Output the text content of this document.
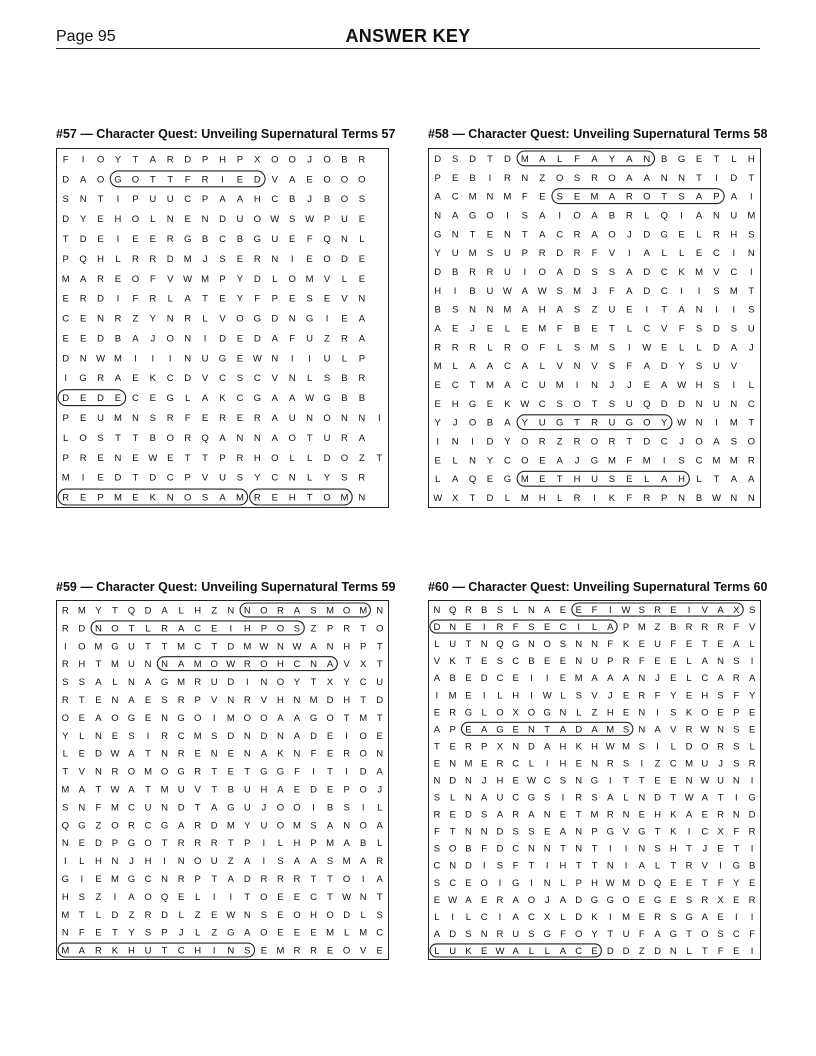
Page 95	ANSWER KEY
#57 — Character Quest: Unveiling Supernatural Terms 57
F I O Y T A R D P H P X O O J O B R
D A O G O T T F R I E D V A E O O O
S N T I P U U C P A A H C B J B O S
D Y E H O L N E N D U O W S W P U E
T D E I E E R G B C B G U E F Q N L
P Q H L R R D M J S E R N I E O D E
M A R E O F V W M P Y D L O M V L E
E R D I F R L A T E Y F P E S E V N
C E N R Z Y N R L V O G D N G I E A
E E D B A J O N I D E D A F U Z R A
D N W M I I I N U G E W N I I U L P
I G R A E K C D V C S C V N L S B R
D E D E C E G L A K C G A A W G B B
P E U M N S R F E R E R A U N O N N I
L O S T T B O R Q A N N A O T U R A
P R E N E W E T T P R H O L L D O Z T
M I E D T D C P V U S Y C N L Y S R
R E P M E K N O S A M R E H T O M N
#58 — Character Quest: Unveiling Supernatural Terms 58
D S D T D M A L F A Y A N B G E T L H
P E B I R N Z O S R O A A N N T I D T
A C M N M F E S E M A R O T S A P A I
N A G O I S A I O A B R L Q I A N U M
G N T E N T A C R A O J D G E L R H S
Y U M S U P R D R F V I A L L E C I N
D B R R U I O A D S S A D C K M V C I
H I B U W A W S M J F A D C I I S M T
B S N N M A H A S Z U E I T A N I I S
A E J E L E M F B E T L C V F S D S U
R R R L R O F L S M S I W E L L D A J
M L A A C A L V N V S F A D Y S U V
E C T M A C U M I N J J E A W H S I L
E H G E K W C S O T S U Q D D N U N C
Y J O B A Y U G T R U G O Y W N I M T
I N I D Y O R Z R O R T D C J O A S O
E L N Y C O E A J G M F M I S C M M R
L A Q E G M E T H U S E L A H L T A A
W X T D L M H L R I K F R P N B W N N
#59 — Character Quest: Unveiling Supernatural Terms 59
R M Y T Q D A L H Z N N O R A S M O M N
R D N O T L R A C E I H P O S Z P R T O
I O M G U T T M C T D M W N W A N H P T
R H T M U N N A M O W R O H C N A V X T
S S A L N A G M R U D I N O Y T X Y C U
R T E N A E S R P V N R V H N M D H T D
O E A O G E N G O I M O O A A G O T M T
Y L N E S I R C M S D N D N A D E I O E
L E D W A T N R E N E N A K N F E R O N
T V N R O M O G R T E T G G F I T I D A
M A T W A T M U V T B U H A E D E P O J
S N F M C U N D T A G U J O O I B S I L
Q G Z O R C G A R D M Y U O M S A N O A
N E D P G O T R R R T P I L H P M A B L
I L H N J H I N O U Z A I S A A S M A R
G I E M G C N R P T A D R R R T T O I A
H S Z I A O Q E L I I T O E E C T W N T
M T L D Z R D L Z E W N S E O H O D L S
N F E T Y S P J L Z G A O E E E M L M C
M A R K H U T C H I N S E M R R E O V E
#60 — Character Quest: Unveiling Supernatural Terms 60
N Q R B S L N A E E F I W S R E I V A X S
D N E I R F S E C I L A P M Z B R R R F V
L U T N Q G N O S N N F K E U F E T E A L
V K T E S C B E E N U P R F E E L A N S I
A B E D C E I I E M A A A N J E L C A R A
I M E I L H I W L S V J E R F Y E H S F Y
E R G L O X O G N L Z H E N I S K O E P E
A P E A G E N T A D A M S N A V R W N S E
T E R P X N D A H K H W M S I L D O R S L
E N M E R C L I H E N R S I Z C M U J S R
N D N J H E W C S N G I T T E E N W U N I
S L N A U C G S I R S A L N D T W A T I G
R E D S A R A N E T M R N E H K A E R N D
F T N N D S S E A N P G V G T K I C X F R
S O B F D C N N T N T I I N S H T J E T I
C N D I S F T I H T T N I A L T R V I G B
S C E O I G I N L P H W M D Q E E T F Y E
E W A E R A O J A D G G O E G E S R X E R
L I L C I A C X L D K I M E R S G A E I I
A D S N R U S G F O Y T U F A G T O S C F
L U K E W A L L A C E D D Z D N L T F E I
